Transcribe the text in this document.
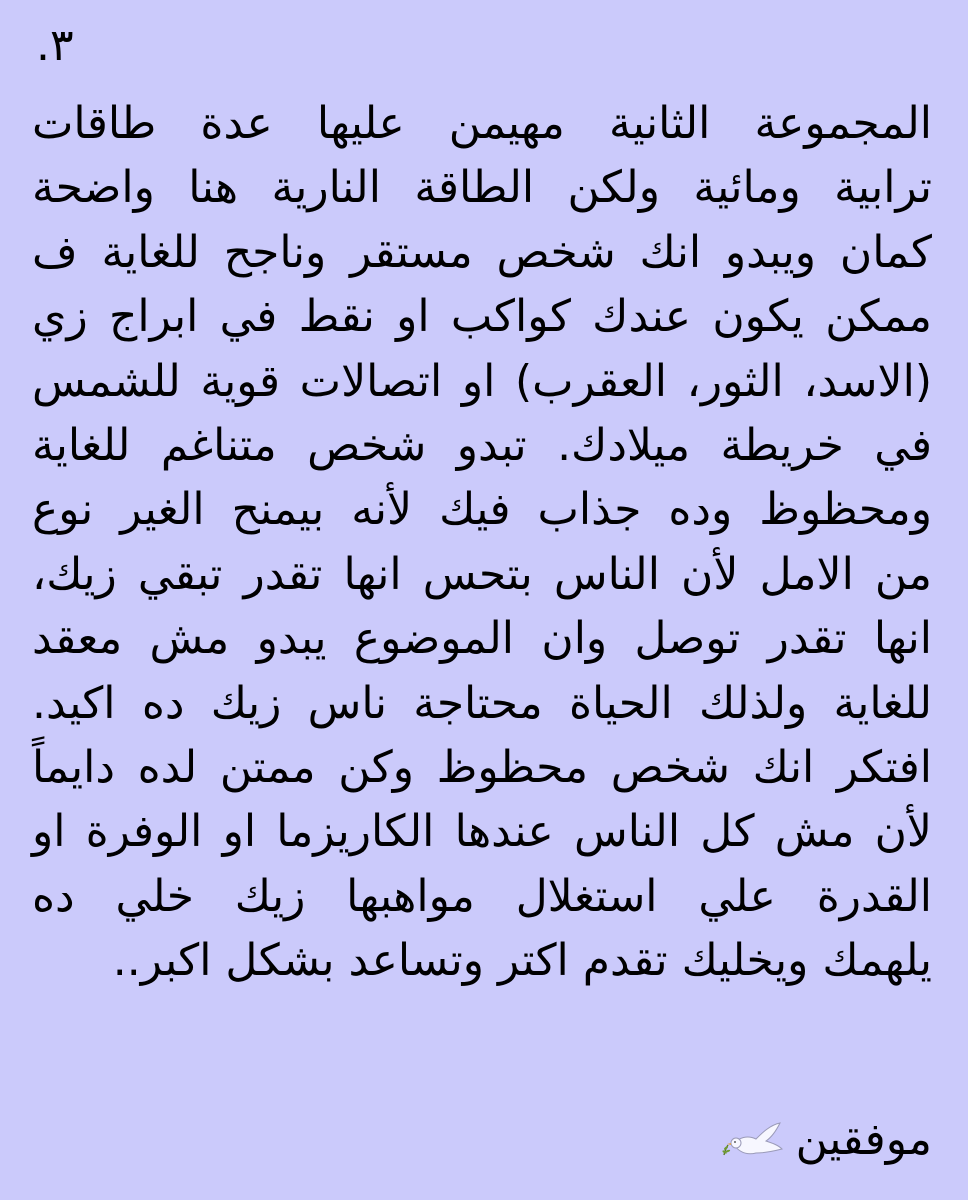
٣.
المجموعة الثانية مهيمن عليها عدة طاقات
ترابية ومائية ولكن الطاقة النارية هنا واضحة
كمان ويبدو انك شخص مستقر وناجح للغاية ف
ممكن يكون عندك كواكب او نقط في ابراج زي
(الاسد، الثور، العقرب) او اتصالات قوية للشمس
في خريطة ميلادك. تبدو شخص متناغم للغاية
ومحظوظ وده جذاب فيك لأنه بيمنح الغير نوع
من الامل لأن الناس بتحس انها تقدر تبقي زيك،
انها تقدر توصل وان الموضوع يبدو مش معقد
للغاية ولذلك الحياة محتاجة ناس زيك ده اكيد.
افتكر انك شخص محظوظ وكن ممتن لده دايماً
لأن مش كل الناس عندها الكاريزما او الوفرة او
القدرة علي استغلال مواهبها زيك خلي ده
يلهمك ويخليك تقدم اكتر وتساعد بشكل اكبر..
موفقين
